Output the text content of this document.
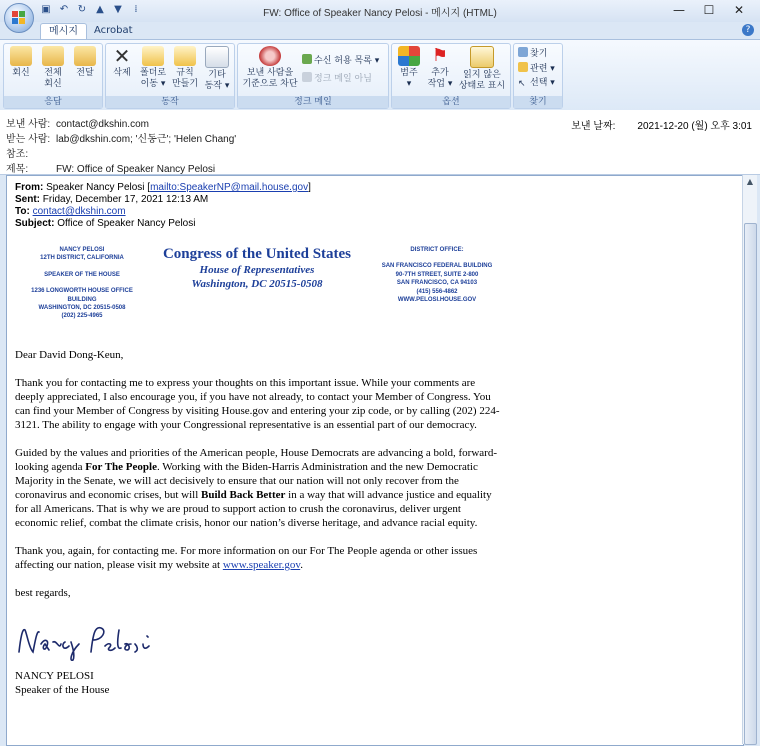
▣ ↶ ↻ ▲ ▼	⁞	FW: Office of Speaker Nancy Pelosi - 메시지 (HTML)	—	☐	✕
메시지	Acrobat	?
회신	전체
회신
전달
응답
✕
삭제	폴더로
이동 ▾
규칙
만들기
기타
동작 ▾
동작
보낸 사람을
기준으로 차단
수신 허용 목록 ▾
정크 메일 아님
정크 메일
범주
▾
⚑
추가
작업 ▾
읽지 않은
상태로 표시
옵션
찾기
관련 ▾
↖ 선택 ▾
찾기
보낸 사람: contact@dkshin.com
받는 사람: lab@dkshin.com; '신동근'; 'Helen Chang'
참조:
제목:	FW: Office of Speaker Nancy Pelosi
보낸 날짜: 2021-12-20 (월) 오후 3:01
From: Speaker Nancy Pelosi [mailto:SpeakerNP@mail.house.gov]
Sent: Friday, December 17, 2021 12:13 AM
To: contact@dkshin.com
Subject: Office of Speaker Nancy Pelosi
NANCY PELOSI
12TH DISTRICT, CALIFORNIA
SPEAKER OF THE HOUSE
1236 LONGWORTH HOUSE OFFICE BUILDING
WASHINGTON, DC 20515-0508
(202) 225-4965
Congress of the United States
House of Representatives
Washington, DC 20515-0508
DISTRICT OFFICE:
SAN FRANCISCO FEDERAL BUILDING
90-7TH STREET, SUITE 2-800
SAN FRANCISCO, CA 94103
(415) 556-4862
WWW.PELOSI.HOUSE.GOV

Dear David Dong-Keun,

Thank you for contacting me to express your thoughts on this important issue. While your comments are deeply appreciated, I also encourage you, if you have not already, to contact your Member of Congress. You can find your Member of Congress by visiting House.gov and entering your zip code, or by calling (202) 224-3121. The ability to engage with your Congressional representative is an essential part of our democracy.

Guided by the values and priorities of the American people, House Democrats are advancing a bold, forward-looking agenda For The People. Working with the Biden-Harris Administration and the new Democratic Majority in the Senate, we will act decisively to ensure that our nation will not only recover from the coronavirus and economic crises, but will Build Back Better in a way that will advance justice and equality for all Americans. That is why we are proud to support action to crush the coronavirus, deliver urgent economic relief, combat the climate crisis, honor our nation’s diverse heritage, and advance racial equity.

Thank you, again, for contacting me. For more information on our For The People agenda or other issues affecting our nation, please visit my website at www.speaker.gov.

best regards,

NANCY PELOSI
Speaker of the House
▲
